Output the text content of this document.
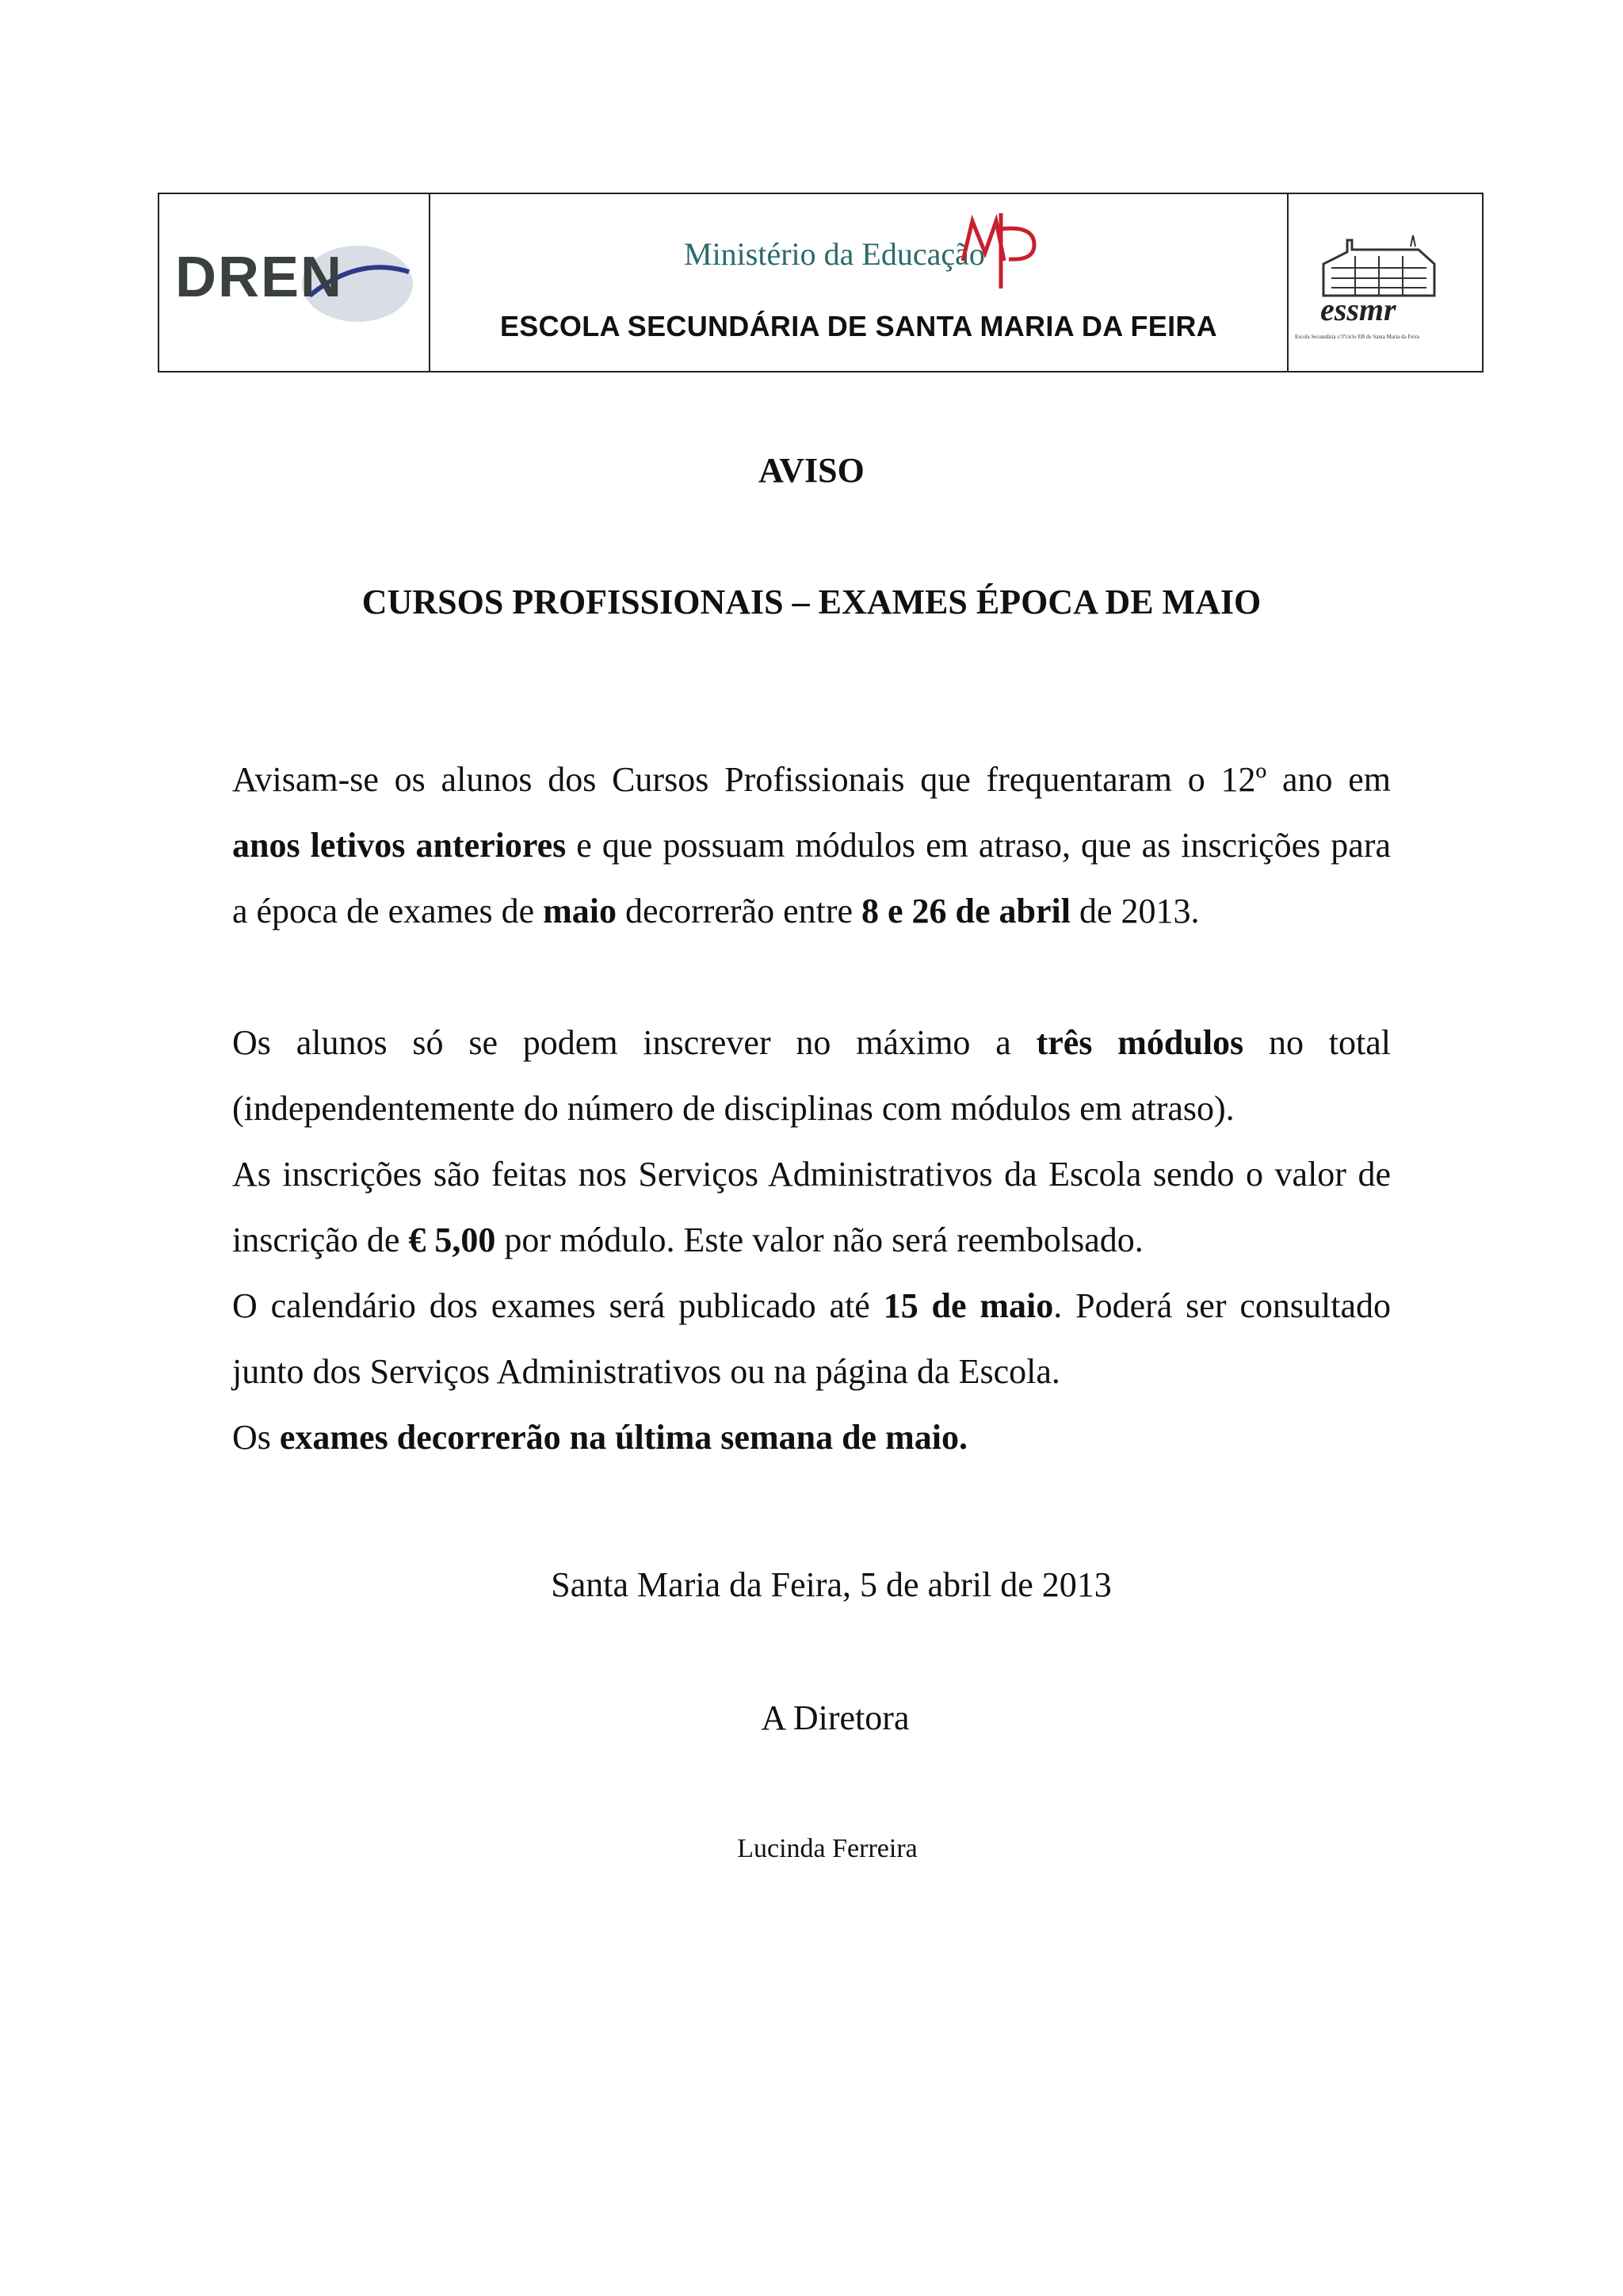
DREN	Ministério da Educação
ESCOLA SECUNDÁRIA DE SANTA MARIA DA FEIRA	essmr
Escola Secundária c/3ºciclo EB de Santa Maria da Feira
AVISO
CURSOS PROFISSIONAIS – EXAMES ÉPOCA DE MAIO
Avisam-se os alunos dos Cursos Profissionais que frequentaram o 12º ano em anos letivos anteriores e que possuam módulos em atraso, que as inscrições para a época de exames de maio decorrerão entre 8 e 26 de abril de 2013.
Os alunos só se podem inscrever no máximo a três módulos no total (independentemente do número de disciplinas com módulos em atraso).
As inscrições são feitas nos Serviços Administrativos da Escola sendo o valor de inscrição de € 5,00 por módulo. Este valor não será reembolsado.
O calendário dos exames será publicado até 15 de maio. Poderá ser consultado junto dos Serviços Administrativos ou na página da Escola.
Os exames decorrerão na última semana de maio.
Santa Maria da Feira, 5 de abril de 2013
A Diretora
Lucinda Ferreira
